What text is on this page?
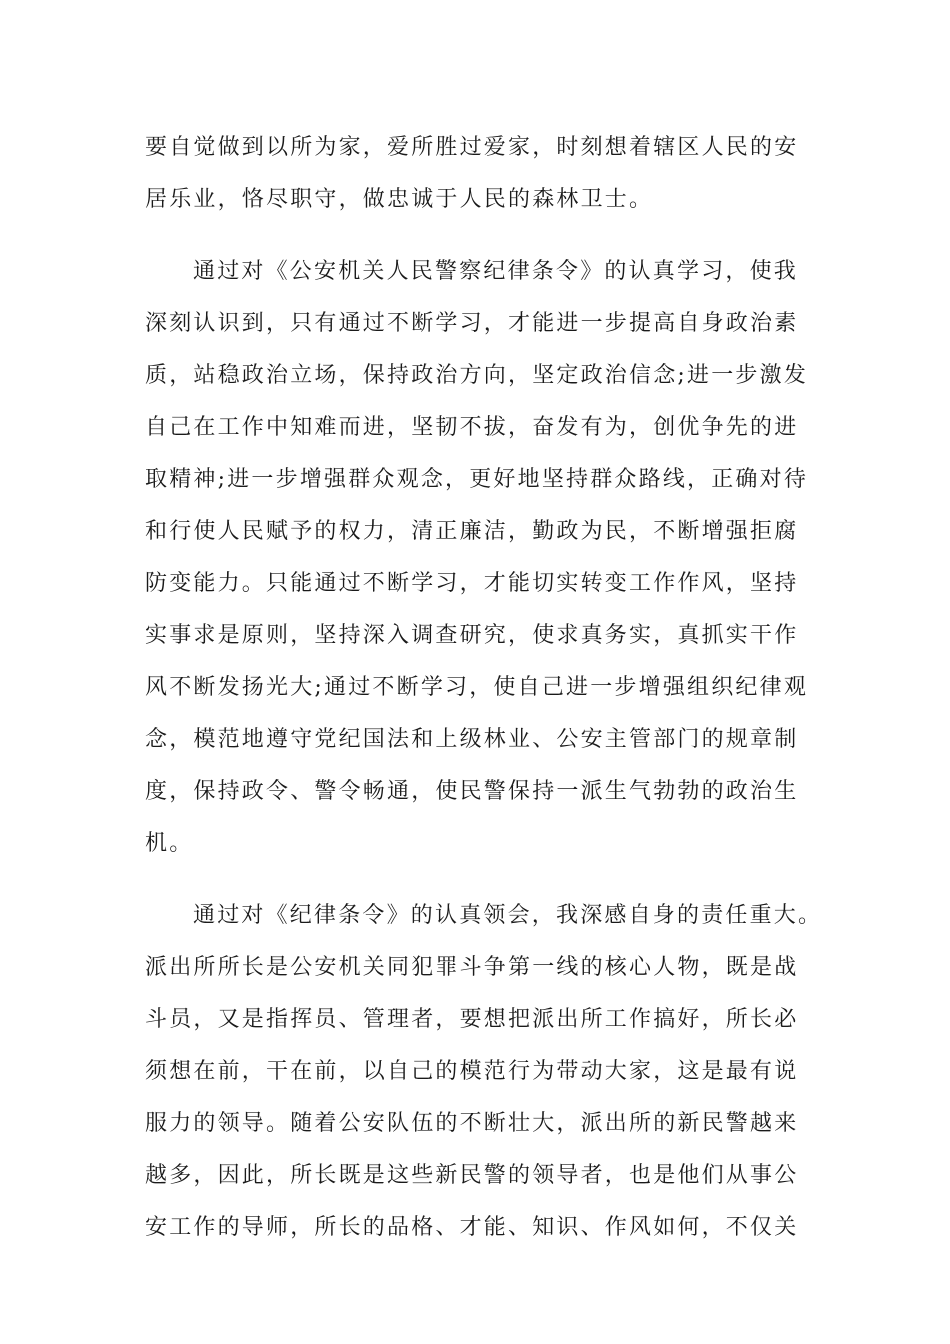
要自觉做到以所为家，爱所胜过爱家，时刻想着辖区人民的安
居乐业，恪尽职守，做忠诚于人民的森林卫士。
通过对《公安机关人民警察纪律条令》的认真学习，使我
深刻认识到，只有通过不断学习，才能进一步提高自身政治素
质，站稳政治立场，保持政治方向，坚定政治信念;进一步激发
自己在工作中知难而进，坚韧不拔，奋发有为，创优争先的进
取精神;进一步增强群众观念，更好地坚持群众路线，正确对待
和行使人民赋予的权力，清正廉洁，勤政为民，不断增强拒腐
防变能力。只能通过不断学习，才能切实转变工作作风，坚持
实事求是原则，坚持深入调查研究，使求真务实，真抓实干作
风不断发扬光大;通过不断学习，使自己进一步增强组织纪律观
念，模范地遵守党纪国法和上级林业、公安主管部门的规章制
度，保持政令、警令畅通，使民警保持一派生气勃勃的政治生
机。
通过对《纪律条令》的认真领会，我深感自身的责任重大。
派出所所长是公安机关同犯罪斗争第一线的核心人物，既是战
斗员，又是指挥员、管理者，要想把派出所工作搞好，所长必
须想在前，干在前，以自己的模范行为带动大家，这是最有说
服力的领导。随着公安队伍的不断壮大，派出所的新民警越来
越多，因此，所长既是这些新民警的领导者，也是他们从事公
安工作的导师，所长的品格、才能、知识、作风如何，不仅关
